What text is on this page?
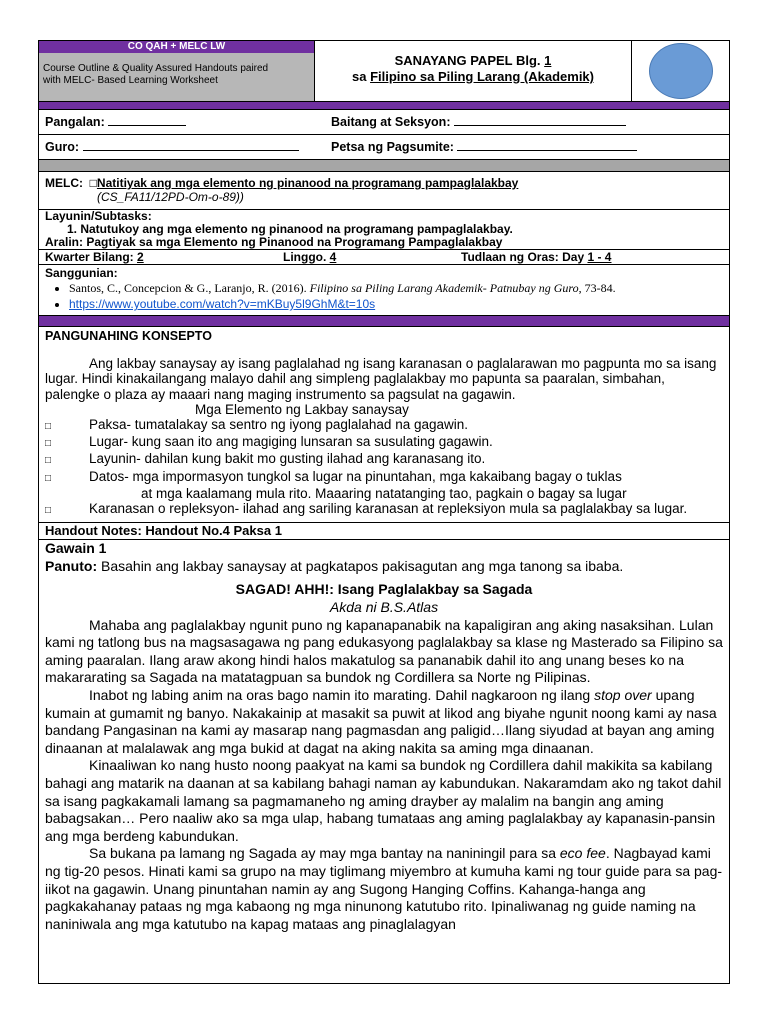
CO QAH + MELC LW
Course Outline & Quality Assured Handouts paired
with MELC- Based Learning Worksheet
SANAYANG PAPEL Blg. 1
sa Filipino sa Piling Larang (Akademik)
Pangalan:	Baitang at Seksyon:
Guro:	Petsa ng Pagsumite:
MELC: □Natitiyak ang mga elemento ng pinanood na programang pampaglalakbay
(CS_FA11/12PD-Om-o-89))
Layunin/Subtasks:
1. Natutukoy ang mga elemento ng pinanood na programang pampaglalakbay.
Aralin: Pagtiyak sa mga Elemento ng Pinanood na Programang Pampaglalakbay
Kwarter Bilang: 2	Linggo. 4	Tudlaan ng Oras: Day 1 - 4
Sanggunian:
• Santos, C., Concepcion & G., Laranjo, R. (2016). Filipino sa Piling Larang Akademik- Patnubay ng Guro, 73-84.
• https://www.youtube.com/watch?v=mKBuy5l9GhM&t=10s
PANGUNAHING KONSEPTO
Ang lakbay sanaysay ay isang paglalahad ng isang karanasan o paglalarawan mo pagpunta mo sa isang lugar. Hindi kinakailangang malayo dahil ang simpleng paglalakbay mo papunta sa paaralan, simbahan, palengke o plaza ay maaari nang maging instrumento sa pagsulat na gagawin.
Mga Elemento ng Lakbay sanaysay
□	Paksa- tumatalakay sa sentro ng iyong paglalahad na gagawin.
□	Lugar- kung saan ito ang magiging lunsaran sa susulating gagawin.
□	Layunin- dahilan kung bakit mo gusting ilahad ang karanasang ito.
□	Datos- mga impormasyon tungkol sa lugar na pinuntahan, mga kakaibang bagay o tuklas
at mga kaalamang mula rito. Maaaring natatanging tao, pagkain o bagay sa lugar
□	Karanasan o repleksyon- ilahad ang sariling karanasan at repleksiyon mula sa paglalakbay sa lugar.
Handout Notes: Handout No.4 Paksa 1
Gawain 1
Panuto: Basahin ang lakbay sanaysay at pagkatapos pakisagutan ang mga tanong sa ibaba.
SAGAD! AHH!: Isang Paglalakbay sa Sagada
Akda ni B.S.Atlas
Mahaba ang paglalakbay ngunit puno ng kapanapanabik na kapaligiran ang aking nasaksihan. Lulan kami ng tatlong bus na magsasagawa ng pang edukasyong paglalakbay sa klase ng Masterado sa Filipino sa aming paaralan. Ilang araw akong hindi halos makatulog sa pananabik dahil ito ang unang beses ko na makararating sa Sagada na matatagpuan sa bundok ng Cordillera sa Norte ng Pilipinas.
Inabot ng labing anim na oras bago namin ito marating. Dahil nagkaroon ng ilang stop over upang kumain at gumamit ng banyo. Nakakainip at masakit sa puwit at likod ang biyahe ngunit noong kami ay nasa bandang Pangasinan na kami ay masarap nang pagmasdan ang paligid…Ilang siyudad at bayan ang aming dinaanan at malalawak ang mga bukid at dagat na aking nakita sa aming mga dinaanan.
Kinaaliwan ko nang husto noong paakyat na kami sa bundok ng Cordillera dahil makikita sa kabilang bahagi ang matarik na daanan at sa kabilang bahagi naman ay kabundukan. Nakaramdam ako ng takot dahil sa isang pagkakamali lamang sa pagmamaneho ng aming drayber ay malalim na bangin ang aming babagsakan… Pero naaliw ako sa mga ulap, habang tumataas ang aming paglalakbay ay kapanasin-pansin ang mga berdeng kabundukan.
Sa bukana pa lamang ng Sagada ay may mga bantay na naniningil para sa eco fee. Nagbayad kami ng tig-20 pesos. Hinati kami sa grupo na may tiglimang miyembro at kumuha kami ng tour guide para sa pag-iikot na gagawin. Unang pinuntahan namin ay ang Sugong Hanging Coffins. Kahanga-hanga ang pagkakahanay pataas ng mga kabaong ng mga ninunong katutubo rito. Ipinaliwanag ng guide naming na naniniwala ang mga katutubo na kapag mataas ang pinaglalagyan
